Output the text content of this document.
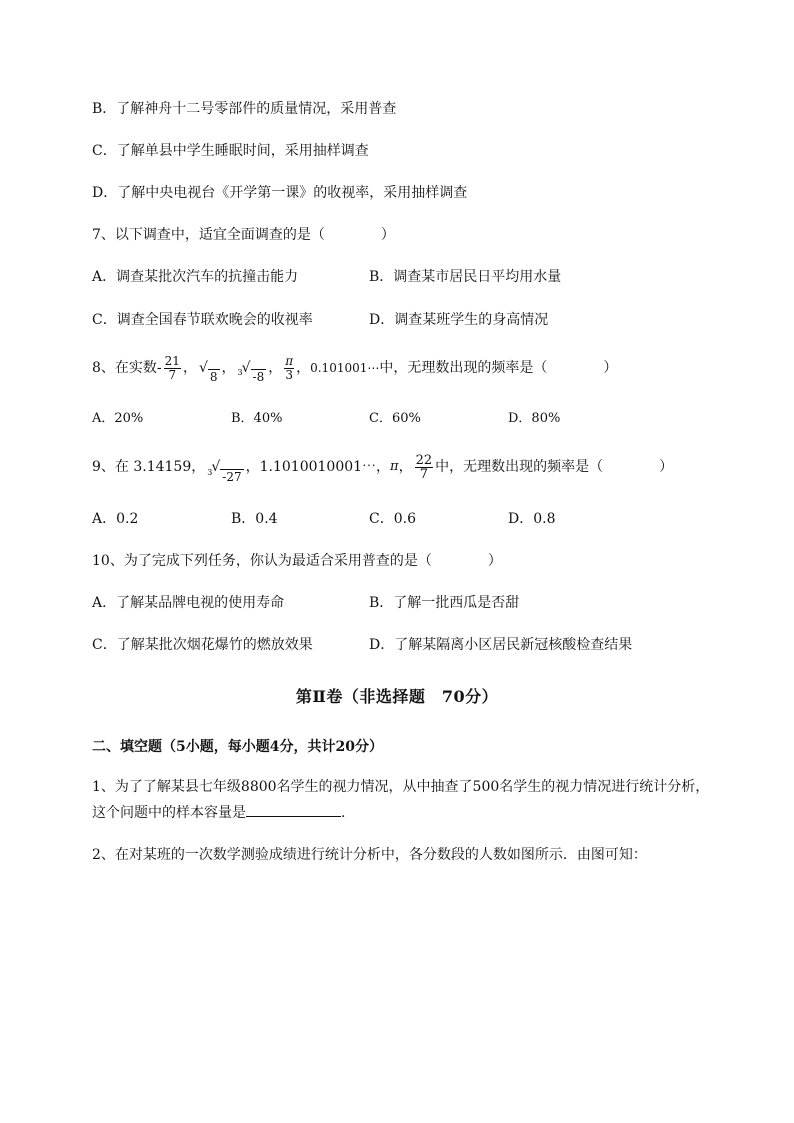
B．了解神舟十二号零部件的质量情况，采用普查
C．了解单县中学生睡眠时间，采用抽样调查
D．了解中央电视台《开学第一课》的收视率，采用抽样调查
7、以下调查中，适宜全面调查的是（	）
A．调查某批次汽车的抗撞击能力	B．调查某市居民日平均用水量
C．调查全国春节联欢晚会的收视率	D．调查某班学生的身高情况
8、在实数 - $\frac{21}{7}$ ， √
8
， 3 √
-8
， $\frac{\pi}{3}$ ， 0.101001⋯ 中，无理数出现的频率是（	）
A．20%	B．40%	C．60%	D．80%
9、在 3.14159， 3 √
-27
，1.1010010001⋯， π ， $\frac{22}{7}$ 中，无理数出现的频率是（	）
A．0.2	B．0.4	C．0.6	D．0.8
10、为了完成下列任务，你认为最适合采用普查的是（	）
A．了解某品牌电视的使用寿命	B．了解一批西瓜是否甜
C．了解某批次烟花爆竹的燃放效果	D．了解某隔离小区居民新冠核酸检查结果
第Ⅱ卷（非选择题　70分）
二、填空题（5小题，每小题4分，共计20分）
1、为了了解某县七年级8800名学生的视力情况，从中抽查了500名学生的视力情况进行统计分析，
这个问题中的样本容量是	.
2、在对某班的一次数学测验成绩进行统计分析中，各分数段的人数如图所示．由图可知：
